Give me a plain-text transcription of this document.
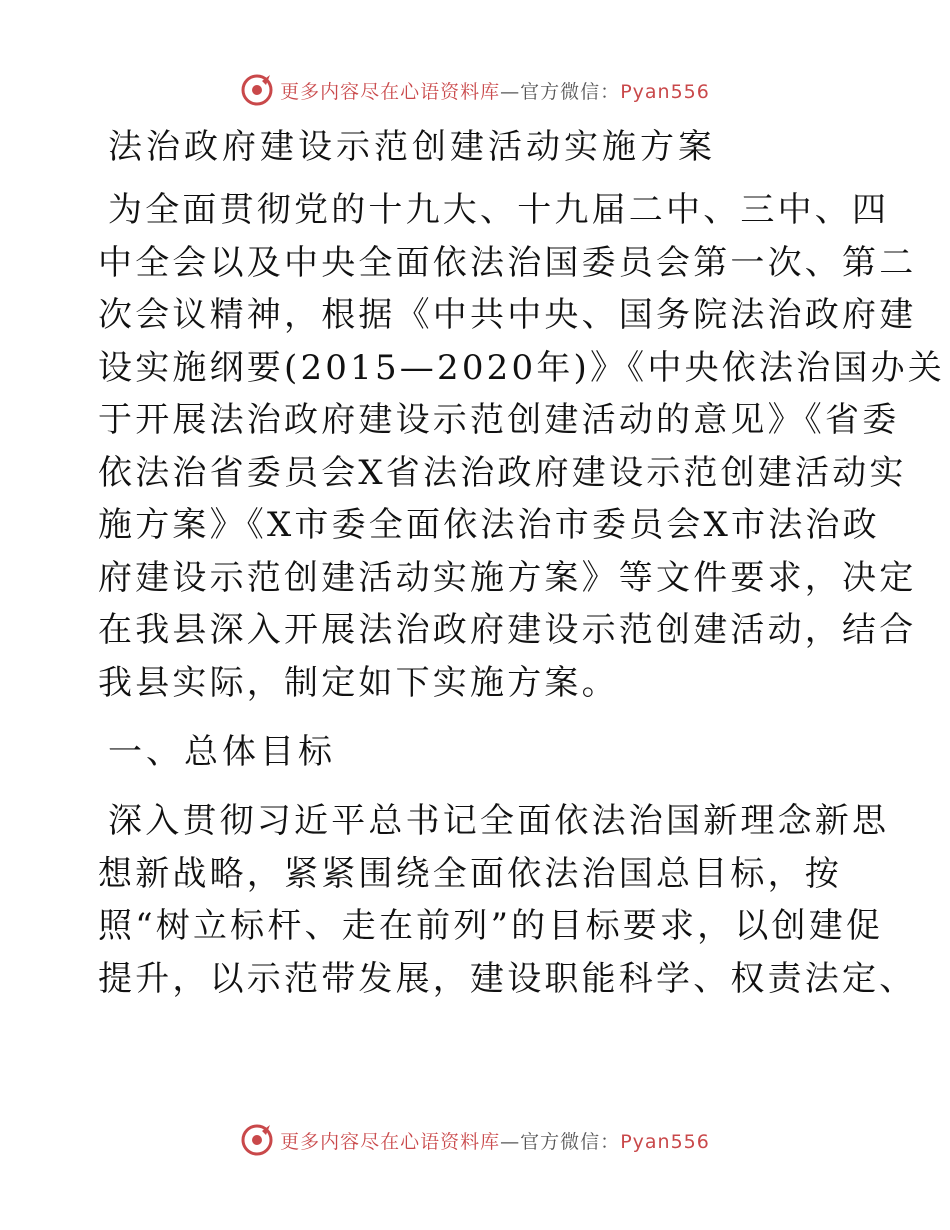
更多内容尽在心语资料库—官方微信：Pyan556
法治政府建设示范创建活动实施方案

为全面贯彻党的十九大、十九届二中、三中、四
中全会以及中央全面依法治国委员会第一次、第二
次会议精神，根据《中共中央、国务院法治政府建
设实施纲要(2015—2020年)》《中央依法治国办关
于开展法治政府建设示范创建活动的意见》《省委
依法治省委员会X省法治政府建设示范创建活动实
施方案》《X市委全面依法治市委员会X市法治政
府建设示范创建活动实施方案》等文件要求，决定
在我县深入开展法治政府建设示范创建活动，结合
我县实际，制定如下实施方案。

一、总体目标

深入贯彻习近平总书记全面依法治国新理念新思
想新战略，紧紧围绕全面依法治国总目标，按
照“树立标杆、走在前列”的目标要求，以创建促
提升，以示范带发展，建设职能科学、权责法定、

更多内容尽在心语资料库—官方微信：Pyan556
